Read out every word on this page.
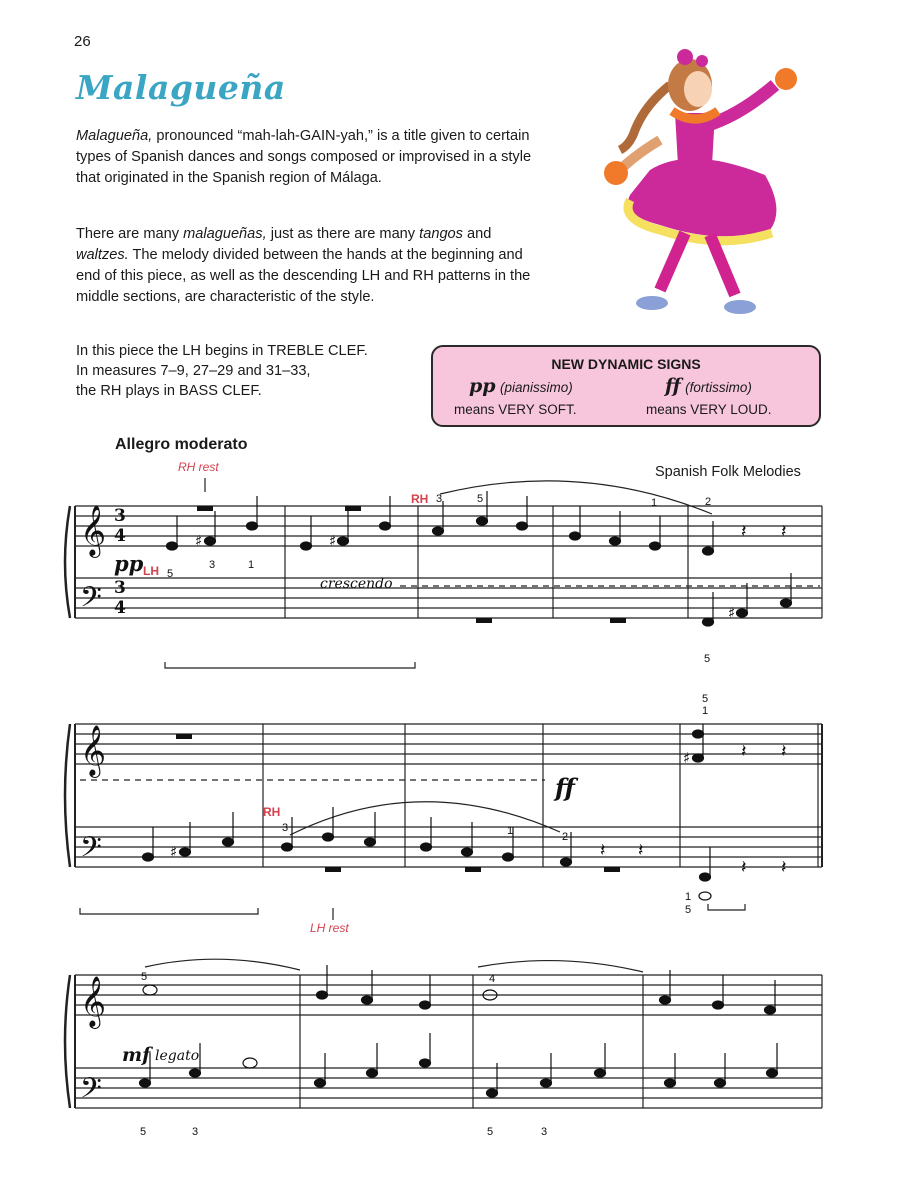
26
Malagueña
Malagueña, pronounced “mah-lah-GAIN-yah,” is a title given to certain types of Spanish dances and songs composed or improvised in a style that originated in the Spanish region of Málaga.
There are many malagueñas, just as there are many tangos and waltzes. The melody divided between the hands at the beginning and end of this piece, as well as the descending LH and RH patterns in the middle sections, are characteristic of the style.
In this piece the LH begins in TREBLE CLEF.
In measures 7–9, 27–29 and 31–33,
the RH plays in BASS CLEF.
NEW DYNAMIC SIGNS
pp (pianissimo)
means VERY SOFT.
ff (fortissimo)
means VERY LOUD.
Allegro moderato
Spanish Folk Melodies
𝄞
𝄢
𝄞
𝄢
𝄞
𝄢
3
4
3
4
𝄽 𝄽
𝄽 𝄽
𝄽 𝄽
𝄽 𝄽
♯	♯
♯
♯
♯
RH rest
RH
LH
RH
LH rest
pp
crescendo
ff
mf legato
5
3	1
3	5	1	2
5
5
1
3	1	2
1
5
5	4
5	3	5	3
